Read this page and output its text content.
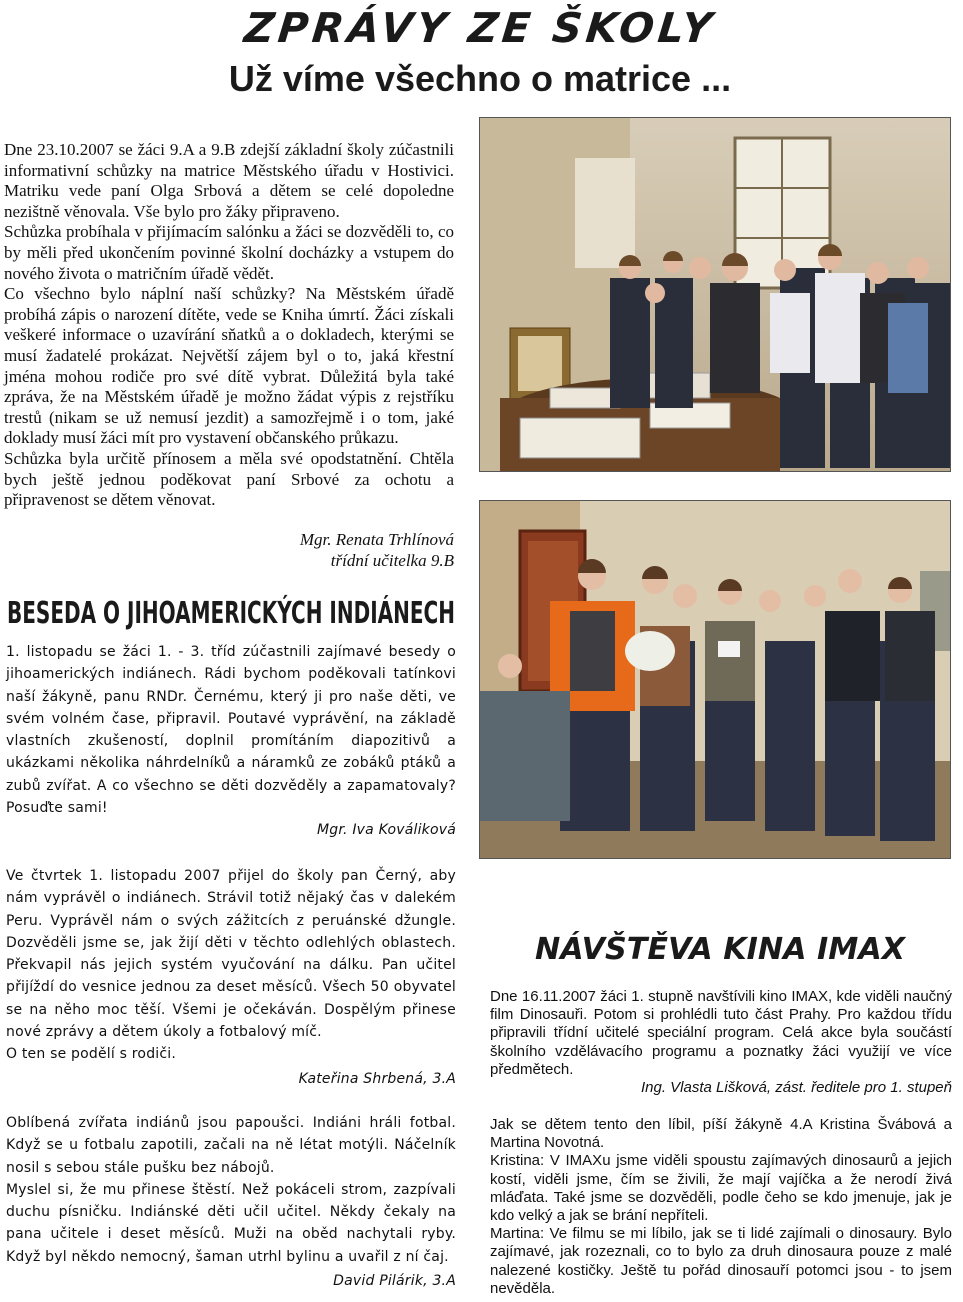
ZPRÁVY ZE ŠKOLY
Už víme všechno o matrice ...

Dne 23.10.2007 se žáci 9.A a 9.B zdejší základní školy zúčastnili informativní schůzky na matrice Městského úřadu v Hostivici. Matriku vede paní Olga Srbová a dětem se celé dopoledne nezištně věnovala. Vše bylo pro žáky připraveno.

Schůzka probíhala v přijímacím salónku a žáci se dozvěděli to, co by měli před ukončením povinné školní docházky a vstupem do nového života o matričním úřadě vědět.

Co všechno bylo náplní naší schůzky? Na Městském úřadě probíhá zápis o narození dítěte, vede se Kniha úmrtí. Žáci získali veškeré informace o uzavírání sňatků a o dokladech, kterými se musí žadatelé prokázat. Největší zájem byl o to, jaká křestní jména mohou rodiče pro své dítě vybrat. Důležitá byla také zpráva, že na Městském úřadě je možno žádat výpis z rejstříku trestů (nikam se už nemusí jezdit) a samozřejmě i o tom, jaké doklady musí žáci mít pro vystavení občanského průkazu.

Schůzka byla určitě přínosem a měla své opodstatnění. Chtěla bych ještě jednou poděkovat paní Srbové za ochotu a připravenost se dětem věnovat.

Mgr. Renata Trhlínová

třídní učitelka 9.B

BESEDA O JIHOAMERICKÝCH INDIÁNECH
1. listopadu se žáci 1. - 3. tříd zúčastnili zajímavé besedy o jihoamerických indiánech. Rádi bychom poděkovali tatínkovi naší žákyně, panu RNDr. Černému, který ji pro naše děti, ve svém volném čase, připravil. Poutavé vyprávění, na základě vlastních zkušeností, doplnil promítáním diapozitivů a ukázkami několika náhrdelníků a náramků ze zobáků ptáků a zubů zvířat. A co všechno se děti dozvěděly a zapamatovaly? Posuďte sami!
Mgr. Iva Kováliková

Ve čtvrtek 1. listopadu 2007 přijel do školy pan Černý, aby nám vyprávěl o indiánech. Strávil totiž nějaký čas v dalekém Peru. Vyprávěl nám o svých zážitcích z peruánské džungle. Dozvěděli jsme se, jak žijí děti v těchto odlehlých oblastech. Překvapil nás jejich systém vyučování na dálku. Pan učitel přijíždí do vesnice jednou za deset měsíců. Všech 50 obyvatel se na něho moc těší. Všemi je očekáván. Dospělým přinese nové zprávy a dětem úkoly a fotbalový míč.

O ten se podělí s rodiči.

Kateřina Shrbená, 3.A

Oblíbená zvířata indiánů jsou papoušci. Indiáni hráli fotbal. Když se u fotbalu zapotili, začali na ně létat motýli. Náčelník nosil s sebou stále pušku bez nábojů.

Myslel si, že mu přinese štěstí. Než pokáceli strom, zazpívali duchu písničku. Indiánské děti učil učitel. Někdy čekaly na pana učitele i deset měsíců. Muži na oběd nachytali ryby. Když byl někdo nemocný, šaman utrhl bylinu a uvařil z ní čaj.

David Pilárik, 3.A
NÁVŠTĚVA KINA IMAX
Dne 16.11.2007 žáci 1. stupně navštívili kino IMAX, kde viděli naučný film Dinosauři. Potom si prohlédli tuto část Prahy. Pro každou třídu připravili třídní učitelé speciální program. Celá akce byla součástí školního vzdělávacího programu a poznatky žáci využijí ve více předmětech.
Ing. Vlasta Lišková, zást. ředitele pro 1. stupeň

Jak se dětem tento den líbil, píší žákyně 4.A Kristina Švábová a Martina Novotná.

Kristina: V IMAXu jsme viděli spoustu zajímavých dinosaurů a jejich kostí, viděli jsme, čím se živili, že mají vajíčka a že nerodí živá mláďata. Také jsme se dozvěděli, podle čeho se kdo jmenuje, jak je kdo velký a jak se brání nepříteli.

Martina: Ve filmu se mi líbilo, jak se ti lidé zajímali o dinosaury. Bylo zajímavé, jak rozeznali, co to bylo za druh dinosaura pouze z malé nalezené kostičky. Ještě tu pořád dinosauří potomci jsou - to jsem nevěděla.
